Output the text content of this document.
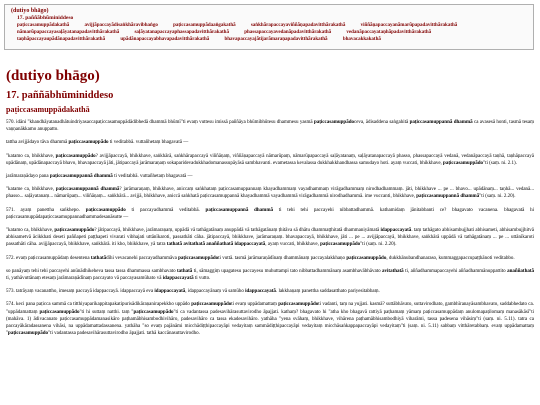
(dutiyo bhāgo)
17. paññābhūminiddeso
paṭiccasamuppādakathā	avijjāpaccayādisaṅkhāravibhaṅgo	paṭiccasamuppādaaṅgakathā	saṅkhārapaccayaviññāṇapadavitthārakathā	viññāṇapaccayanāmarūpapadavitthārakathā nāmarūpapaccayasaḷāyatanapadavitthārakathā	saḷāyatanapaccayaphassapadavitthārakathā	phassapaccayavedanāpadavitthārakathā	vedanāpaccayataṇhāpadavitthārakathā taṇhāpaccayaupādānapadavitthārakathā	upādānapaccayabhavapadavitthārakathā	bhavapaccayajātijarāmaraṇapadavitthārakathā	bhavacakkakathā
(dutiyo bhāgo)
17. paññābhūminiddeso
paṭiccasamuppādakathā

570. idāni "khandhāyatanadhātuindriyasaccapaṭiccasamuppādādibhedā dhammā bhūmī"ti evaṃ vuttesu imissā paññāya bhūmibhūtesu dhammesu yasmā paṭiccasamuppādoceva, ādisaddena saṅgahitā paṭiccasamuppannā dhammā ca avasesā honti, tasmā tesaṃ vaṇṇanākkamo anuppatto.

tattha avijjādayo tāva dhammā paṭiccasamuppādo ti veditabbā. vuttañhetaṃ bhagavatā —

"katamo ca, bhikkhave, paṭiccasamuppādo? avijjāpaccayā, bhikkhave, saṅkhārā, saṅkhārapaccayā viññāṇaṃ, viññāṇapaccayā nāmarūpaṃ, nāmarūpapaccayā saḷāyatanaṃ, saḷāyatanapaccayā phasso, phassapaccayā vedanā, vedanāpaccayā taṇhā, taṇhāpaccayā upādānaṃ, upādānapaccayā bhavo, bhavapaccayā jāti, jātipaccayā jarāmaraṇaṃ sokaparidevadukkhadomanassupāyāsā sambhavanti. evametassa kevalassa dukkhakkhandhassa samudayo hoti. ayaṃ vuccati, bhikkhave, paṭiccasamuppādo"ti (saṃ. ni. 2.1).

jarāmaraṇādayo pana paṭiccasamuppannā dhammā ti veditabbā. vuttañhetaṃ bhagavatā —

"katame ca, bhikkhave, paṭiccasamuppannā dhammā? jarāmaraṇaṃ, bhikkhave, aniccaṃ saṅkhataṃ paṭiccasamuppannaṃ khayadhammaṃ vayadhammaṃ virāgadhammaṃ nirodhadhammaṃ. jāti, bhikkhave ... pe ... bhavo... upādānaṃ... taṇhā... vedanā... phasso... saḷāyatanaṃ... nāmarūpaṃ... viññāṇaṃ... saṅkhārā... avijjā, bhikkhave, aniccā saṅkhatā paṭiccasamuppannā khayadhammā vayadhammā virāgadhammā nirodhadhammā. ime vuccanti, bhikkhave, paṭiccasamuppannā dhammā"ti (saṃ. ni. 2.20).

571. ayaṃ panettha saṅkhepo. paṭiccasamuppādo ti paccayadhammā veditabbā. paṭiccasamuppannā dhammā ti tehi tehi paccayehi nibbattadhammā. kathamidaṃ jānitabbanti ce? bhagavato vacanena. bhagavatā hi paṭiccasamuppādapaṭiccasamuppannadhammadesanāsutte —

"katamo ca, bhikkhave, paṭiccasamuppādo? jātipaccayā, bhikkhave, jarāmaraṇaṃ, uppādā vā tathāgatānaṃ anuppādā vā tathāgatānaṃ ṭhitāva sā dhātu dhammaṭṭhitatā dhammaniyāmatā idappaccayatā. taṃ tathāgato abhisambujjhati abhisameti, abhisambujjhitvā abhisametvā ācikkhati deseti paññapeti paṭṭhapeti vivarati vibhajati uttānīkaroti, passathāti cāha. jātipaccayā, bhikkhave, jarāmaraṇaṃ. bhavapaccayā, bhikkhave, jāti ... pe ... avijjāpaccayā, bhikkhave, saṅkhārā uppādā vā tathāgatānaṃ ... pe ... uttānīkaroti passathāti cāha. avijjāpaccayā, bhikkhave, saṅkhārā. iti kho, bhikkhave, yā tatra tathatā avitathatā anaññathatā idappaccayatā, ayaṃ vuccati, bhikkhave, paṭiccasamuppādo"ti (saṃ. ni. 2.20).

572. evaṃ paṭiccasamuppādaṃ desentena tathatādīhi vevacanehi paccayadhammāva paṭiccasamuppādoti vuttā. tasmā jarāmaraṇādīnaṃ dhammānaṃ paccayalakkhaṇo paṭiccasamuppādo, dukkhānubandhanaraso, kummaggapaccupaṭṭhānoti veditabbo.

so panāyaṃ tehi tehi paccayehi anūnādhikeheva tassa tassa dhammassa sambhavato tathatā ti, sāmaggiṃ upagatesu paccayesu muhuttampi tato nibbattadhammānaṃ asambhavābhāvato avitathatā ti, aññadhammapaccayehi aññadhammānuppattito anaññathatā ti, yathāvuttānaṃ etesaṃ jarāmaraṇādīnaṃ paccayato vā paccayasamūhato vā idappaccayatā ti vutto.

573. tatrāyaṃ vacanattho, imesaṃ paccayā idappaccayā. idappaccayā eva idappaccayatā, idappaccayānaṃ vā samūho idappaccayatā. lakkhaṇaṃ panettha saddasatthato pariyesitabbaṃ.

574. keci pana paṭicca sammā ca titthiyaparikappitapakatipurisādikāraṇanirapekkho uppādo paṭiccasamuppādoti evaṃ uppādamattaṃ paṭiccasamuppādoti vadanti, taṃ na yujjati. kasmā? suttābhāvato, suttavirodhato, gambhīranayāsambhavato, saddabhedato ca. "uppādamattaṃ paṭiccasamuppādo"ti hi suttaṃ natthi. taṃ "paṭiccasamuppādo"ti ca vadantassa padesavihārasuttavirodho āpajjati. kathaṃ? bhagavato hi "atha kho bhagavā rattiyā paṭhamaṃ yāmaṃ paṭiccasamuppādaṃ anulomapaṭilomaṃ manasākāsī"ti (mahāva. 1) ādivacanato paṭiccasamuppādamanasikāro paṭhamābhisambodhivihāro, padesavihāro ca tassa ekadesavihāro. yathāha "yena svāhaṃ, bhikkhave, vihārena paṭhamābhisambodhiyā viharāmi, tassa padesena vihāsiṃ"ti (saṃ. ni. 5.11). tatra ca paccayākāradassanena vihāsi, na uppādamattadassanena. yathāha "so evaṃ pajānāmi micchādiṭṭhipaccayāpi vedayitaṃ sammādiṭṭhipaccayāpi vedayitaṃ micchāsaṅkappapaccayāpi vedayitaṃ"ti (saṃ. ni. 5.11) sabbaṃ vitthāretabbaṃ. evaṃ uppādamattaṃ "paṭiccasamuppādo"ti vadantassa padesavihārasuttavirodho āpajjati. tathā kaccānasuttavirodho.
